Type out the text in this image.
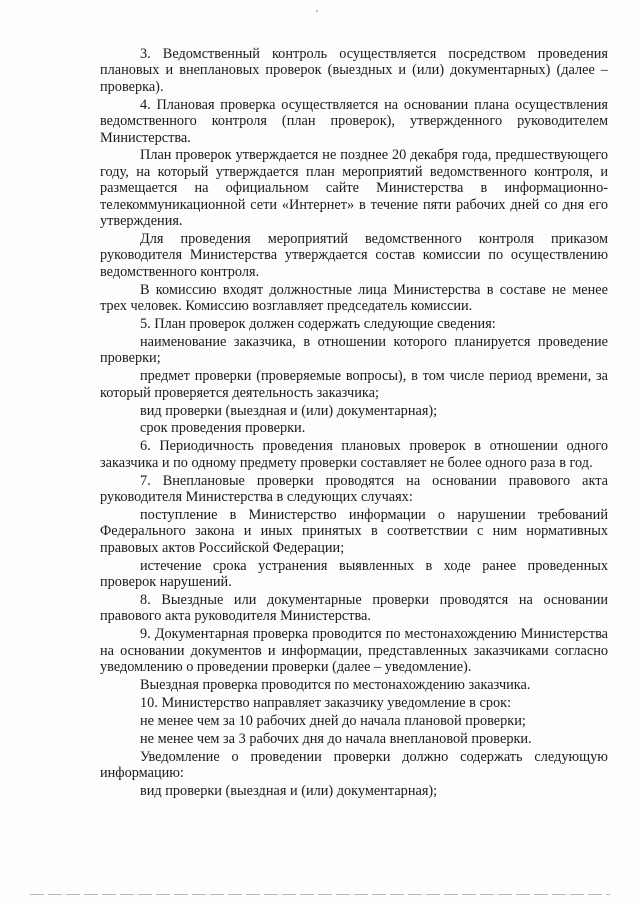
3. Ведомственный контроль осуществляется посредством проведения плановых и внеплановых проверок (выездных и (или) документарных) (далее – проверка).

4. Плановая проверка осуществляется на основании плана осуществления ведомственного контроля (план проверок), утвержденного руководителем Министерства.

План проверок утверждается не позднее 20 декабря года, предшествующего году, на который утверждается план мероприятий ведомственного контроля, и размещается на официальном сайте Министерства в информационно-телекоммуникационной сети «Интернет» в течение пяти рабочих дней со дня его утверждения.

Для проведения мероприятий ведомственного контроля приказом руководителя Министерства утверждается состав комиссии по осуществлению ведомственного контроля.

В комиссию входят должностные лица Министерства в составе не менее трех человек. Комиссию возглавляет председатель комиссии.

5. План проверок должен содержать следующие сведения:

наименование заказчика, в отношении которого планируется проведение проверки;

предмет проверки (проверяемые вопросы), в том числе период времени, за который проверяется деятельность заказчика;

вид проверки (выездная и (или) документарная);

срок проведения проверки.

6. Периодичность проведения плановых проверок в отношении одного заказчика и по одному предмету проверки составляет не более одного раза в год.

7. Внеплановые проверки проводятся на основании правового акта руководителя Министерства в следующих случаях:

поступление в Министерство информации о нарушении требований Федерального закона и иных принятых в соответствии с ним нормативных правовых актов Российской Федерации;

истечение срока устранения выявленных в ходе ранее проведенных проверок нарушений.

8. Выездные или документарные проверки проводятся на основании правового акта руководителя Министерства.

9. Документарная проверка проводится по местонахождению Министерства на основании документов и информации, представленных заказчиками согласно уведомлению о проведении проверки (далее – уведомление).

Выездная проверка проводится по местонахождению заказчика.

10. Министерство направляет заказчику уведомление в срок:

не менее чем за 10 рабочих дней до начала плановой проверки;

не менее чем за 3 рабочих дня до начала внеплановой проверки.

Уведомление о проведении проверки должно содержать следующую информацию:

вид проверки (выездная и (или) документарная);
